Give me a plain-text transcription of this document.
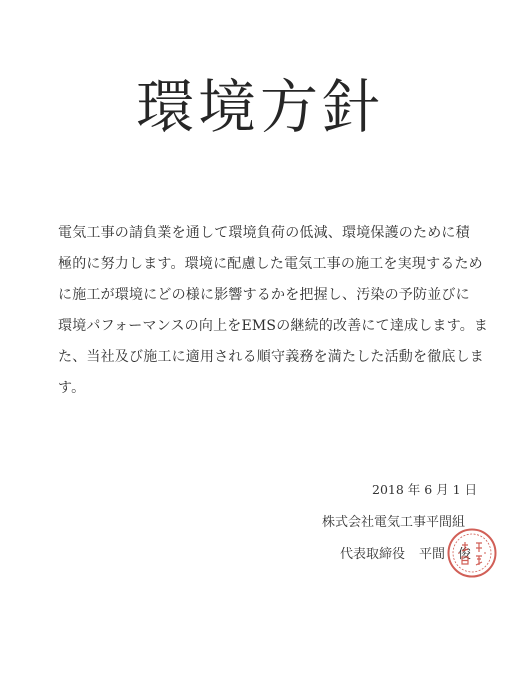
環境方針
電気工事の請負業を通して環境負荷の低減、環境保護のために積
極的に努力します。環境に配慮した電気工事の施工を実現するため
に施工が環境にどの様に影響するかを把握し、汚染の予防並びに
環境パフォーマンスの向上をEMSの継続的改善にて達成します。ま
た、当社及び施工に適用される順守義務を満たした活動を徹底しま
す。
2018 年 6 月 1 日
株式会社電気工事平間組
代表取締役 平間　俊
